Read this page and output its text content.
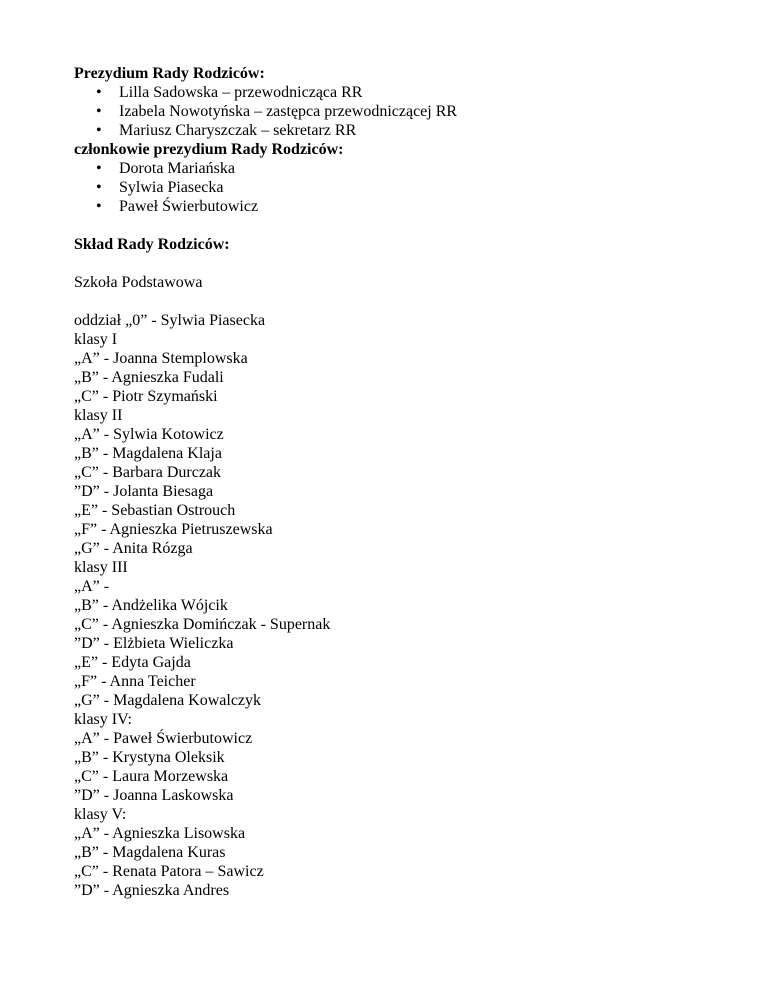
Prezydium Rady Rodziców:
• Lilla Sadowska – przewodnicząca RR
• Izabela Nowotyńska – zastępca przewodniczącej RR
• Mariusz Charyszczak – sekretarz RR
członkowie prezydium Rady Rodziców:
• Dorota Mariańska
• Sylwia Piasecka
• Paweł Świerbutowicz
Skład Rady Rodziców:
Szkoła Podstawowa
oddział „0” - Sylwia Piasecka
klasy I
„A” - Joanna Stemplowska
„B” - Agnieszka Fudali
„C” - Piotr Szymański
klasy II
„A” - Sylwia Kotowicz
„B” - Magdalena Klaja
„C” - Barbara Durczak
”D” - Jolanta Biesaga
„E” - Sebastian Ostrouch
„F” - Agnieszka Pietruszewska
„G” - Anita Rózga
klasy III
„A” -
„B” - Andżelika Wójcik
„C” - Agnieszka Domińczak - Supernak
”D” - Elżbieta Wieliczka
„E” - Edyta Gajda
„F” - Anna Teicher
„G” - Magdalena Kowalczyk
klasy IV:
„A” - Paweł Świerbutowicz
„B” - Krystyna Oleksik
„C” - Laura Morzewska
”D” - Joanna Laskowska
klasy V:
„A” - Agnieszka Lisowska
„B” - Magdalena Kuras
„C” - Renata Patora – Sawicz
”D” - Agnieszka Andres
